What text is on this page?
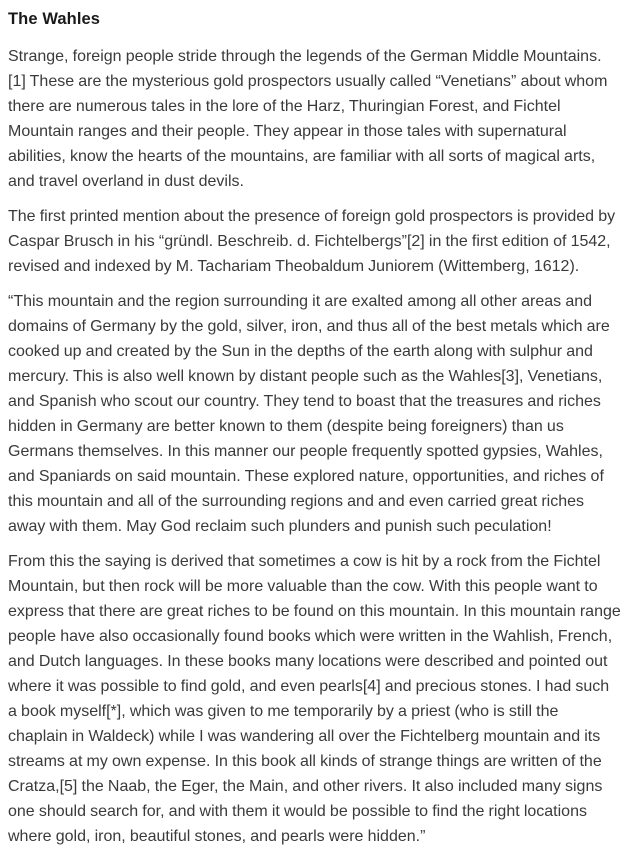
The Wahles

Strange, foreign people stride through the legends of the German Middle Mountains. [1] These are the mysterious gold prospectors usually called “Venetians” about whom there are numerous tales in the lore of the Harz, Thuringian Forest, and Fichtel Mountain ranges and their people. They appear in those tales with supernatural abilities, know the hearts of the mountains, are familiar with all sorts of magical arts, and travel overland in dust devils.

The first printed mention about the presence of foreign gold prospectors is provided by Caspar Brusch in his “gründl. Beschreib. d. Fichtelbergs”[2] in the first edition of 1542, revised and indexed by M. Tachariam Theobaldum Juniorem (Wittemberg, 1612).

“This mountain and the region surrounding it are exalted among all other areas and domains of Germany by the gold, silver, iron, and thus all of the best metals which are cooked up and created by the Sun in the depths of the earth along with sulphur and mercury. This is also well known by distant people such as the Wahles[3], Venetians, and Spanish who scout our country. They tend to boast that the treasures and riches hidden in Germany are better known to them (despite being foreigners) than us Germans themselves. In this manner our people frequently spotted gypsies, Wahles, and Spaniards on said mountain. These explored nature, opportunities, and riches of this mountain and all of the surrounding regions and and even carried great riches away with them. May God reclaim such plunders and punish such peculation!

From this the saying is derived that sometimes a cow is hit by a rock from the Fichtel Mountain, but then rock will be more valuable than the cow. With this people want to express that there are great riches to be found on this mountain. In this mountain range people have also occasionally found books which were written in the Wahlish, French, and Dutch languages. In these books many locations were described and pointed out where it was possible to find gold, and even pearls[4] and precious stones. I had such a book myself[*], which was given to me temporarily by a priest (who is still the chaplain in Waldeck) while I was wandering all over the Fichtelberg mountain and its streams at my own expense. In this book all kinds of strange things are written of the Cratza,[5] the Naab, the Eger, the Main, and other rivers. It also included many signs one should search for, and with them it would be possible to find the right locations where gold, iron, beautiful stones, and pearls were hidden.”
